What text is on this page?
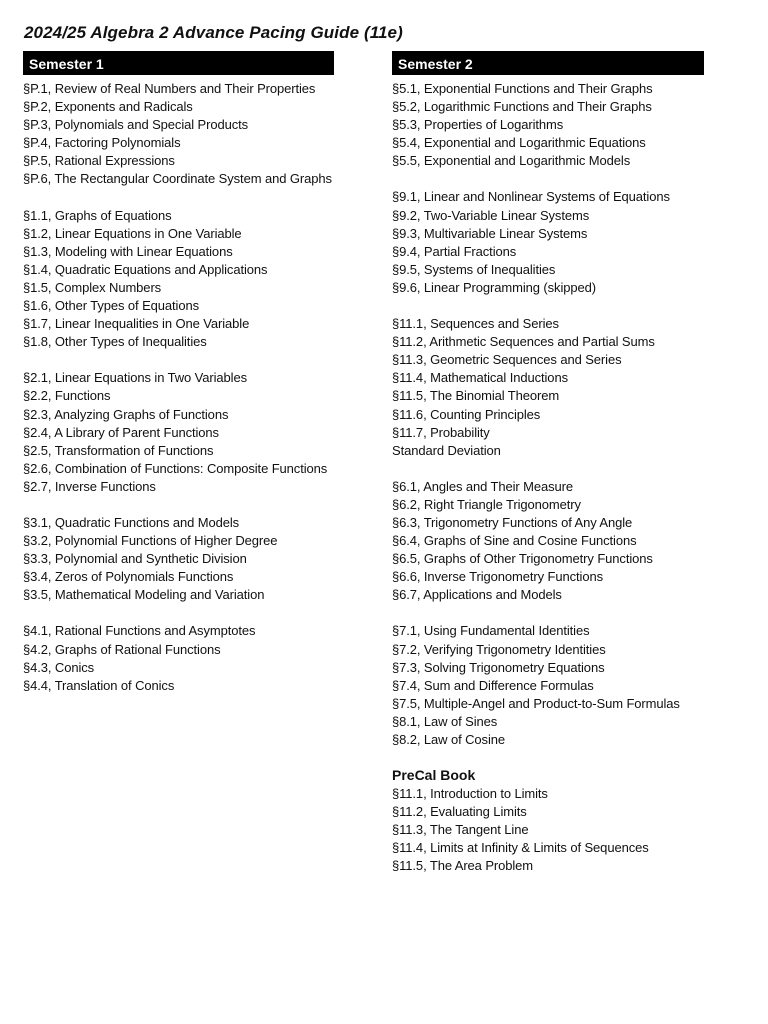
2024/25 Algebra 2 Advance Pacing Guide (11e)
Semester 1
§P.1, Review of Real Numbers and Their Properties
§P.2, Exponents and Radicals
§P.3, Polynomials and Special Products
§P.4, Factoring Polynomials
§P.5, Rational Expressions
§P.6, The Rectangular Coordinate System and Graphs
§1.1, Graphs of Equations
§1.2, Linear Equations in One Variable
§1.3, Modeling with Linear Equations
§1.4, Quadratic Equations and Applications
§1.5, Complex Numbers
§1.6, Other Types of Equations
§1.7, Linear Inequalities in One Variable
§1.8, Other Types of Inequalities
§2.1, Linear Equations in Two Variables
§2.2, Functions
§2.3, Analyzing Graphs of Functions
§2.4, A Library of Parent Functions
§2.5, Transformation of Functions
§2.6, Combination of Functions: Composite Functions
§2.7, Inverse Functions
§3.1, Quadratic Functions and Models
§3.2, Polynomial Functions of Higher Degree
§3.3, Polynomial and Synthetic Division
§3.4, Zeros of Polynomials Functions
§3.5, Mathematical Modeling and Variation
§4.1, Rational Functions and Asymptotes
§4.2, Graphs of Rational Functions
§4.3, Conics
§4.4, Translation of Conics
Semester 2
§5.1, Exponential Functions and Their Graphs
§5.2, Logarithmic Functions and Their Graphs
§5.3, Properties of Logarithms
§5.4, Exponential and Logarithmic Equations
§5.5, Exponential and Logarithmic Models
§9.1, Linear and Nonlinear Systems of Equations
§9.2, Two-Variable Linear Systems
§9.3, Multivariable Linear Systems
§9.4, Partial Fractions
§9.5, Systems of Inequalities
§9.6, Linear Programming (skipped)
§11.1, Sequences and Series
§11.2, Arithmetic Sequences and Partial Sums
§11.3, Geometric Sequences and Series
§11.4, Mathematical Inductions
§11.5, The Binomial Theorem
§11.6, Counting Principles
§11.7, Probability
Standard Deviation
§6.1, Angles and Their Measure
§6.2, Right Triangle Trigonometry
§6.3, Trigonometry Functions of Any Angle
§6.4, Graphs of Sine and Cosine Functions
§6.5, Graphs of Other Trigonometry Functions
§6.6, Inverse Trigonometry Functions
§6.7, Applications and Models
§7.1, Using Fundamental Identities
§7.2, Verifying Trigonometry Identities
§7.3, Solving Trigonometry Equations
§7.4, Sum and Difference Formulas
§7.5, Multiple-Angel and Product-to-Sum Formulas
§8.1, Law of Sines
§8.2, Law of Cosine
PreCal Book
§11.1, Introduction to Limits
§11.2, Evaluating Limits
§11.3, The Tangent Line
§11.4, Limits at Infinity & Limits of Sequences
§11.5, The Area Problem
